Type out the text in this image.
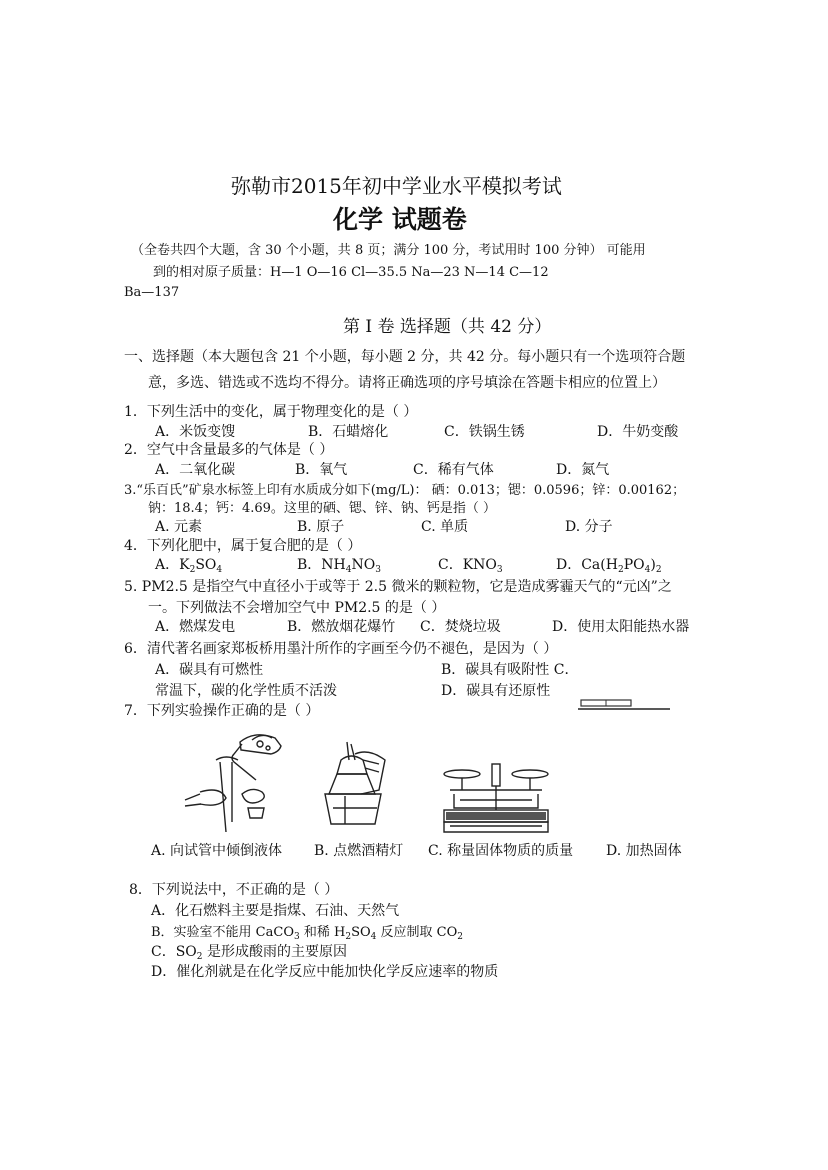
弥勒市2015年初中学业水平模拟考试
化学 试题卷
（全卷共四个大题，含 30 个小题，共 8 页；满分 100 分，考试用时 100 分钟） 可能用
到的相对原子质量：H—1 O—16 Cl—35.5 Na—23 N—14 C—12
Ba—137
第 I 卷 选择题（共 42 分）
一、选择题（本大题包含 21 个小题，每小题 2 分，共 42 分。每小题只有一个选项符合题
意，多选、错选或不选均不得分。请将正确选项的序号填涂在答题卡相应的位置上）
1．下列生活中的变化，属于物理变化的是（ ）
A．米饭变馊	B．石蜡熔化	C．铁锅生锈	D．牛奶变酸
2．空气中含量最多的气体是（ ）
A．二氧化碳	B．氧气	C．稀有气体	D．氮气
3.“乐百氏”矿泉水标签上印有水质成分如下(mg/L)： 硒：0.013；锶：0.0596；锌：0.00162；
钠：18.4；钙：4.69。这里的硒、锶、锌、钠、钙是指（ ）
A. 元素	B. 原子	C. 单质	D. 分子
4．下列化肥中，属于复合肥的是（ ）
A．$K_2SO_4$	B．$NH_4NO_3$	C．$KNO_3$	D．$Ca(H_2PO_4)_2$
5. PM2.5 是指空气中直径小于或等于 2.5 微米的颗粒物，它是造成雾霾天气的“元凶”之
一。下列做法不会增加空气中 PM2.5 的是（ ）
A．燃煤发电	B．燃放烟花爆竹 C．焚烧垃圾	D．使用太阳能热水器
6．清代著名画家郑板桥用墨汁所作的字画至今仍不褪色，是因为（ ）
A．碳具有可燃性	B．碳具有吸附性 C．
常温下，碳的化学性质不活泼	D．碳具有还原性
7．下列实验操作正确的是（ ）
A. 向试管中倾倒液体 B. 点燃酒精灯 C. 称量固体物质的质量 D. 加热固体
8．下列说法中，不正确的是（ ）
A．化石燃料主要是指煤、石油、天然气
B．实验室不能用 CaCO$_3$ 和稀 $H_2SO_4$ 反应制取 $CO_2$
C．$SO_2$ 是形成酸雨的主要原因
D．催化剂就是在化学反应中能加快化学反应速率的物质
